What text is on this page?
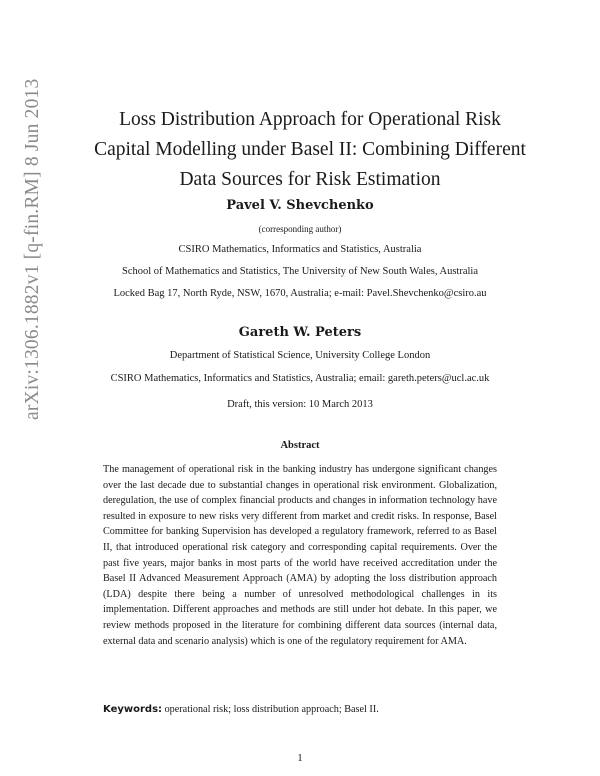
arXiv:1306.1882v1 [q-fin.RM] 8 Jun 2013	Loss Distribution Approach for Operational Risk
Capital Modelling under Basel II: Combining Different
Data Sources for Risk Estimation
Pavel V. Shevchenko
(corresponding author)
CSIRO Mathematics, Informatics and Statistics, Australia
School of Mathematics and Statistics, The University of New South Wales, Australia
Locked Bag 17, North Ryde, NSW, 1670, Australia; e-mail: Pavel.Shevchenko@csiro.au
Gareth W. Peters
Department of Statistical Science, University College London
CSIRO Mathematics, Informatics and Statistics, Australia; email: gareth.peters@ucl.ac.uk
Draft, this version: 10 March 2013
Abstract

The management of operational risk in the banking industry has undergone significant changes over the last decade due to substantial changes in operational risk environment. Globalization, deregulation, the use of complex financial products and changes in information technology have resulted in exposure to new risks very different from market and credit risks. In response, Basel Committee for banking Supervision has developed a regulatory framework, referred to as Basel II, that introduced operational risk category and corresponding capital requirements. Over the past five years, major banks in most parts of the world have received accreditation under the Basel II Advanced Measurement Approach (AMA) by adopting the loss distribution approach (LDA) despite there being a number of unresolved methodological challenges in its implementation. Different approaches and methods are still under hot debate. In this paper, we review methods proposed in the literature for combining different data sources (internal data, external data and scenario analysis) which is one of the regulatory requirement for AMA.

Keywords: operational risk; loss distribution approach; Basel II.
1
